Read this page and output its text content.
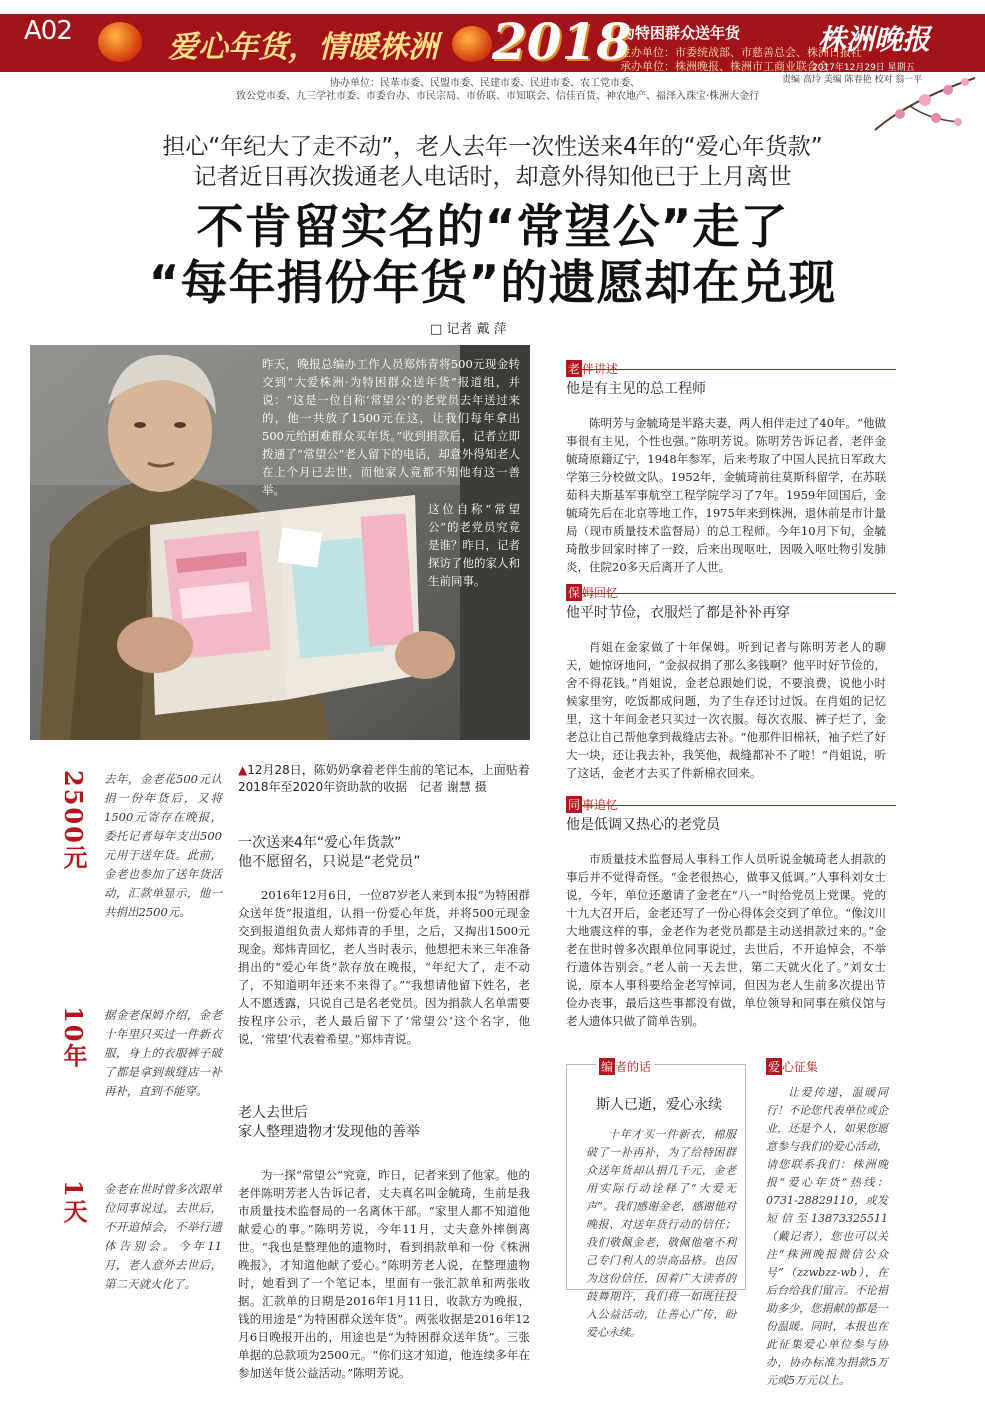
A02	爱心年货，情暖株洲 2018
为特困群众送年货
主办单位：市委统战部、市慈善总会、株洲日报社
承办单位：株洲晚报、株洲市工商业联合会
株洲晚报
2017年12月29日 星期五
责编 高玲 美编 陈春艳 校对 翁一平
协办单位：民革市委、民盟市委、民建市委、民进市委、农工党市委、
致公党市委、九三学社市委、市委台办、市民宗局、市侨联、市知联会、信佳百货、神农地产、福泽入珠宝·株洲大金行
担心“年纪大了走不动”，老人去年一次性送来4年的“爱心年货款”
记者近日再次拨通老人电话时，却意外得知他已于上月离世
不肯留实名的“常望公”走了
“每年捐份年货”的遗愿却在兑现
□ 记者 戴 萍
昨天，晚报总编办工作人员郑炜青将500元现金转交到“大爱株洲·为特困群众送年货”报道组，并说：“这是一位自称‘常望公’的老党员去年送过来的，他一共放了1500元在这，让我们每年拿出500元给困难群众买年货。”收到捐款后，记者立即拨通了“常望公”老人留下的电话，却意外得知老人在上个月已去世，而他家人竟都不知他有这一善举。
这位自称“常望公”的老党员究竟是谁？昨日，记者探访了他的家人和生前同事。
▲12月28日，陈奶奶拿着老伴生前的笔记本，上面贴着2018年至2020年资助款的收据　记者 谢慧 摄
2500元 去年，金老花500元认捐一份年货后，又将1500元寄存在晚报，委托记者每年支出500元用于送年货。此前，金老也参加了送年货活动，汇款单显示，他一共捐出2500元。
10年 据金老保姆介绍，金老十年里只买过一件新衣服，身上的衣服裤子破了都是拿到裁缝店一补再补，直到不能穿。
1天 金老在世时曾多次跟单位同事说过，去世后，不开追悼会，不举行遗体告别会。今年11月，老人意外去世后，第二天就火化了。
一次送来4年“爱心年货款”
他不愿留名，只说是“老党员”
2016年12月6日，一位87岁老人来到本报“为特困群众送年货”报道组，认捐一份爱心年货，并将500元现金交到报道组负责人郑炜青的手里，之后，又掏出1500元现金。郑炜青回忆，老人当时表示，他想把未来三年准备捐出的“爱心年货”款存放在晚报，“年纪大了，走不动了，不知道明年还来不来得了。”“我想请他留下姓名，老人不愿透露，只说自己是名老党员。因为捐款人名单需要按程序公示，老人最后留下了‘常望公’这个名字，他说，‘常望’代表着希望。”郑炜青说。
老人去世后
家人整理遗物才发现他的善举
为一探“常望公”究竟，昨日，记者来到了他家。他的老伴陈明芳老人告诉记者，丈夫真名叫金毓琦，生前是我市质量技术监督局的一名离休干部。“家里人都不知道他献爱心的事。”陈明芳说，今年11月，丈夫意外摔倒离世。“我也是整理他的遗物时，看到捐款单和一份《株洲晚报》，才知道他献了爱心。”陈明芳老人说，在整理遗物时，她看到了一个笔记本，里面有一张汇款单和两张收据。汇款单的日期是2016年1月11日，收款方为晚报，钱的用途是“为特困群众送年货”。两张收据是2016年12月6日晚报开出的，用途也是“为特困群众送年货”。三张单据的总款项为2500元。“你们这才知道，他连续多年在参加送年货公益活动。”陈明芳说。
老 伴讲述
他是有主见的总工程师
陈明芳与金毓琦是半路夫妻，两人相伴走过了40年。“他做事很有主见，个性也强。”陈明芳说。陈明芳告诉记者，老伴金毓琦原籍辽宁，1948年参军，后来考取了中国人民抗日军政大学第三分校做文队。1952年，金毓琦前往莫斯科留学，在苏联茹科夫斯基军事航空工程学院学习了7年。1959年回国后，金毓琦先后在北京等地工作，1975年来到株洲，退休前是市计量局（现市质量技术监督局）的总工程师。今年10月下旬，金毓琦散步回家时摔了一跤，后来出现呕吐，因吸入呕吐物引发肺炎，住院20多天后离开了人世。
保 姆回忆
他平时节俭，衣服烂了都是补补再穿
肖姐在金家做了十年保姆。听到记者与陈明芳老人的聊天，她惊讶地问，“金叔叔捐了那么多钱啊？他平时好节俭的，舍不得花钱。”肖姐说，金老总跟她们说，不要浪费，说他小时候家里穷，吃饭都成问题，为了生存还讨过饭。在肖姐的记忆里，这十年间金老只买过一次衣服。每次衣服、裤子烂了，金老总让自己帮他拿到裁缝店去补。“他那件旧棉袄，袖子烂了好大一块，还让我去补，我笑他，裁缝都补不了啦！”肖姐说，听了这话，金老才去买了件新棉衣回来。
同 事追忆
他是低调又热心的老党员
市质量技术监督局人事科工作人员听说金毓琦老人捐款的事后并不觉得奇怪。“金老很热心，做事又低调。”人事科刘女士说，今年，单位还邀请了金老在“八一”时给党员上党课。党的十九大召开后，金老还写了一份心得体会交到了单位。“像汶川大地震这样的事，金老作为老党员都是主动送捐款过来的。”金老在世时曾多次跟单位同事说过，去世后，不开追悼会，不举行遗体告别会。”老人前一天去世，第二天就火化了。”刘女士说，原本人事科要给金老写悼词，但因为老人生前多次提出节俭办丧事，最后这些事都没有做，单位领导和同事在殡仪馆与老人遗体只做了简单告别。
编 者的话
斯人已逝，爱心永续
十年才买一件新衣，棉服破了一补再补，为了给特困群众送年货却认捐几千元，金老用实际行动诠释了“大爱无声”。我们感谢金老，感谢他对晚报、对送年货行动的信任；我们敬佩金老，敬佩他毫不利己专门利人的崇高品格。也因为这份信任，因着广大读者的鼓舞期许，我们将一如既往投入公益活动，让善心广传，盼爱心永续。
爱 心征集
让爱传递，温暖同行！不论您代表单位或企业，还是个人，如果您愿意参与我们的爱心活动，请您联系我们：株洲晚报“爱心年货”热线：0731-28829110，或发短信至13873325511（戴记者），您也可以关注“株洲晚报微信公众号”（zzwbzz-wb），在后台给我们留言。不论捐助多少，您捐献的都是一份温暖。同时，本报也在此征集爱心单位参与协办，协办标准为捐款5万元或5万元以上。
